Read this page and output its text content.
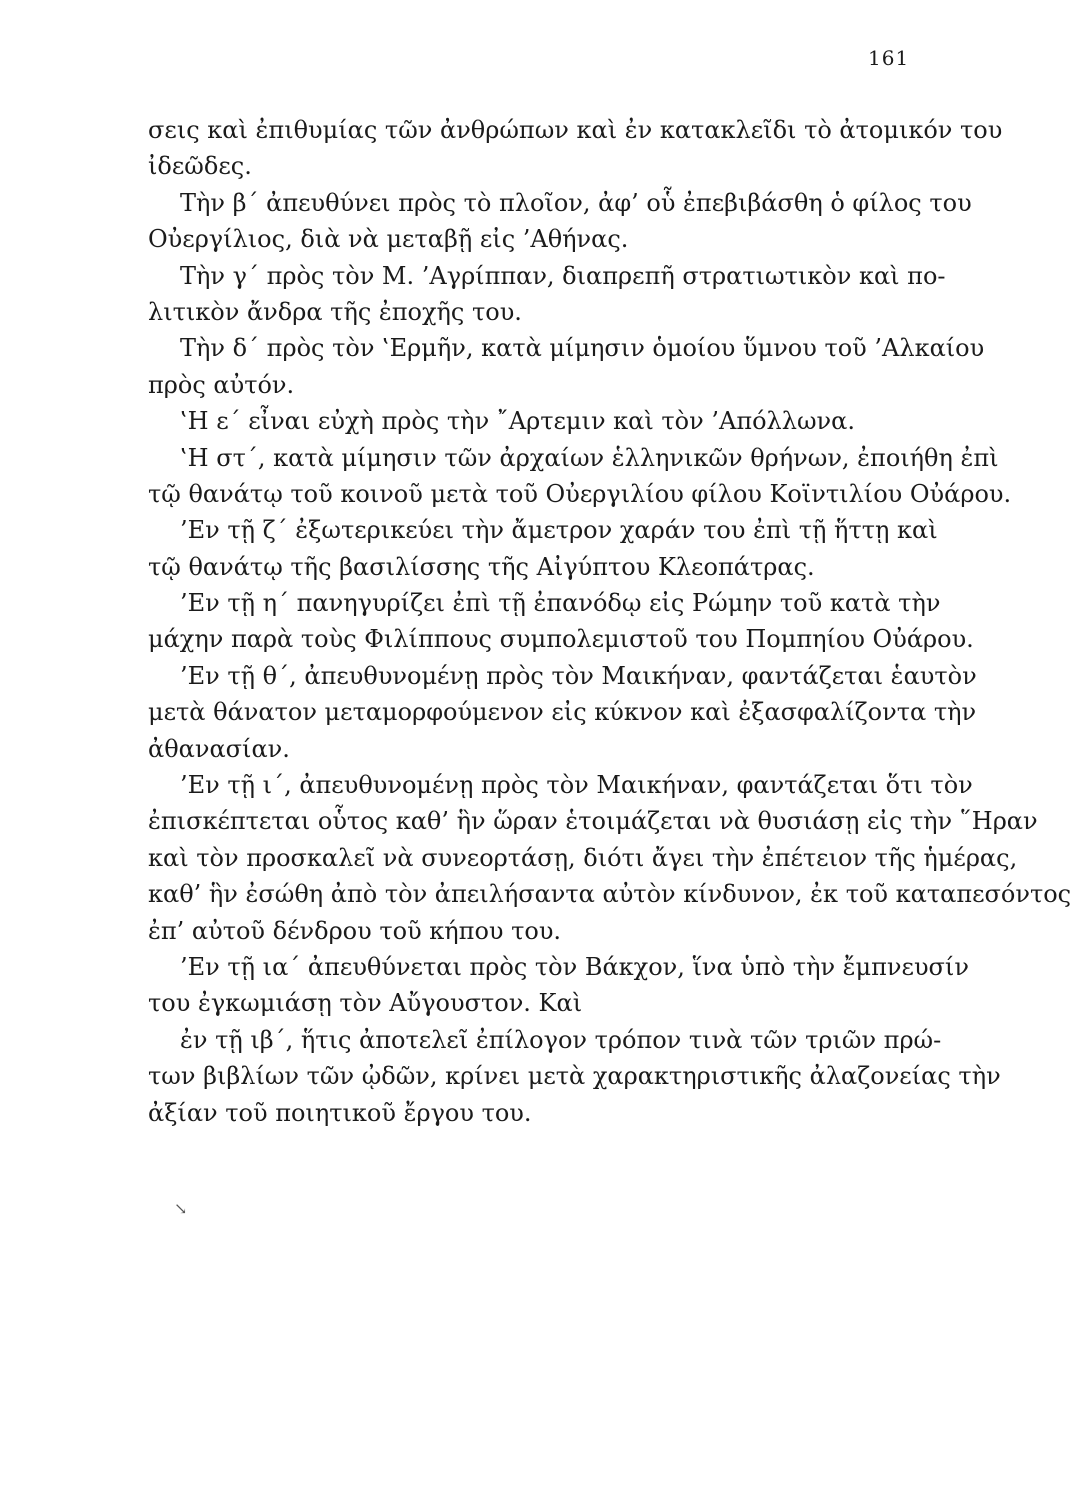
161
σεις καὶ ἐπιθυμίας τῶν ἀνθρώπων καὶ ἐν κατακλεῖδι τὸ ἀτομικόν του
ἰδεῶδες.
Τὴν β΄ ἀπευθύνει πρὸς τὸ πλοῖον, ἀφ’ οὗ ἐπεβιβάσθη ὁ φίλος του
Οὐεργίλιος, διὰ νὰ μεταβῇ εἰς ’Αθήνας.
Τὴν γ΄ πρὸς τὸν Μ. ’Αγρίππαν, διαπρεπῆ στρατιωτικὸν καὶ πο-
λιτικὸν ἄνδρα τῆς ἐποχῆς του.
Τὴν δ΄ πρὸς τὸν ‛Ερμῆν, κατὰ μίμησιν ὁμοίου ὕμνου τοῦ ’Αλκαίου
πρὸς αὐτόν.
‛Η ε΄ εἶναι εὐχὴ πρὸς τὴν ῎Αρτεμιν καὶ τὸν ’Απόλλωνα.
‛Η στ΄, κατὰ μίμησιν τῶν ἀρχαίων ἑλληνικῶν θρήνων, ἐποιήθη ἐπὶ
τῷ θανάτῳ τοῦ κοινοῦ μετὰ τοῦ Οὐεργιλίου φίλου Κοϊντιλίου Οὐάρου.
’Εν τῇ ζ΄ ἐξωτερικεύει τὴν ἄμετρον χαράν του ἐπὶ τῇ ἥττῃ καὶ
τῷ θανάτῳ τῆς βασιλίσσης τῆς Αἰγύπτου Κλεοπάτρας.
’Εν τῇ η΄ πανηγυρίζει ἐπὶ τῇ ἐπανόδῳ εἰς Ρώμην τοῦ κατὰ τὴν
μάχην παρὰ τοὺς Φιλίππους συμπολεμιστοῦ του Πομπηίου Οὐάρου.
’Εν τῇ θ΄, ἀπευθυνομένῃ πρὸς τὸν Μαικήναν, φαντάζεται ἑαυτὸν
μετὰ θάνατον μεταμορφούμενον εἰς κύκνον καὶ ἐξασφαλίζοντα τὴν
ἀθανασίαν.
’Εν τῇ ι΄, ἀπευθυνομένῃ πρὸς τὸν Μαικήναν, φαντάζεται ὅτι τὸν
ἐπισκέπτεται οὗτος καθ’ ἣν ὥραν ἑτοιμάζεται νὰ θυσιάσῃ εἰς τὴν ῞Ηραν
καὶ τὸν προσκαλεῖ νὰ συνεορτάσῃ, διότι ἄγει τὴν ἐπέτειον τῆς ἡμέρας,
καθ’ ἣν ἐσώθη ἀπὸ τὸν ἀπειλήσαντα αὐτὸν κίνδυνον, ἐκ τοῦ καταπεσόντος
ἐπ’ αὐτοῦ δένδρου τοῦ κήπου του.
’Εν τῇ ια΄ ἀπευθύνεται πρὸς τὸν Βάκχον, ἵνα ὑπὸ τὴν ἔμπνευσίν
του ἐγκωμιάσῃ τὸν Αὔγουστον. Καὶ
ἐν τῇ ιβ΄, ἥτις ἀποτελεῖ ἐπίλογον τρόπον τινὰ τῶν τριῶν πρώ-
των βιβλίων τῶν ᾠδῶν, κρίνει μετὰ χαρακτηριστικῆς ἀλαζονείας τὴν
ἀξίαν τοῦ ποιητικοῦ ἔργου του.
↘
